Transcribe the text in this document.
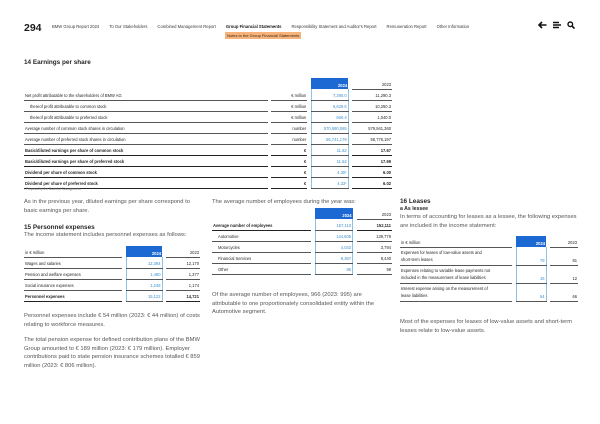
294 BMW Group Report 2024 To Our Stakeholders Combined Management Report Group Financial Statements Responsibility Statement and Auditor's Report Remuneration Report Other Information
Notes to the Group Financial Statements
14 Earnings per share
				2024		2023
Net profit attributable to the shareholders of BMW AG		€ million		7,290.0		11,290.3
thereof profit attributable to common stock		€ million		6,629.6		10,250.3
thereof profit attributable to preferred stock		€ million		660.4		1,040.0
Average number of common stock shares in circulation		number		570,590,065		579,941,360
Average number of preferred stock shares in circulation		number		56,741,179		58,776,197
Basic/diluted earnings per share of common stock		€		11.62		17.67
Basic/diluted earnings per share of preferred stock		€		11.64		17.69
Dividend per share of common stock		€		4.30¹		6.00
Dividend per share of preferred stock		€		4.32¹		6.02
¹ Proposal by the Board of Management.
As in the previous year, diluted earnings per share correspond to basic earnings per share.
15 Personnel expenses
The income statement includes personnel expenses as follows:
in € million		2024		2023
Wages and salaries		12,394		12,170
Pension and welfare expenses		1,480		1,377
Social insurance expenses		1,248		1,174
Personnel expenses		15,122		14,721
Personnel expenses include € 54 million (2023: € 44 million) of costs relating to workforce measures.
The total pension expense for defined contribution plans of the BMW Group amounted to € 189 million (2023: € 179 million). Employer contributions paid to state pension insurance schemes totalled € 859 million (2023: € 806 million).
The average number of employees during the year was:
		2024		2023
Average number of employees		157,110		152,111
Automotive		144,605		139,779
Motorcycles		4,043		3,794
Financial Services		8,367		8,440
Other		95		98
Of the average number of employees, 966 (2023: 995) are attributable to one proportionately consolidated entity within the Automotive segment.
16 Leases
a As lessee
In terms of accounting for leases as a lessee, the following expenses are included in the income statement:
in € million		2024		2023
Expenses for leases of low-value assets and
short-term leases		79		81
Expenses relating to variable lease payments not
included in the measurement of lease liabilities		16		12
Interest expense arising on the measurement of
lease liabilities		64		66
Most of the expenses for leases of low-value assets and short-term leases relate to low-value assets.
